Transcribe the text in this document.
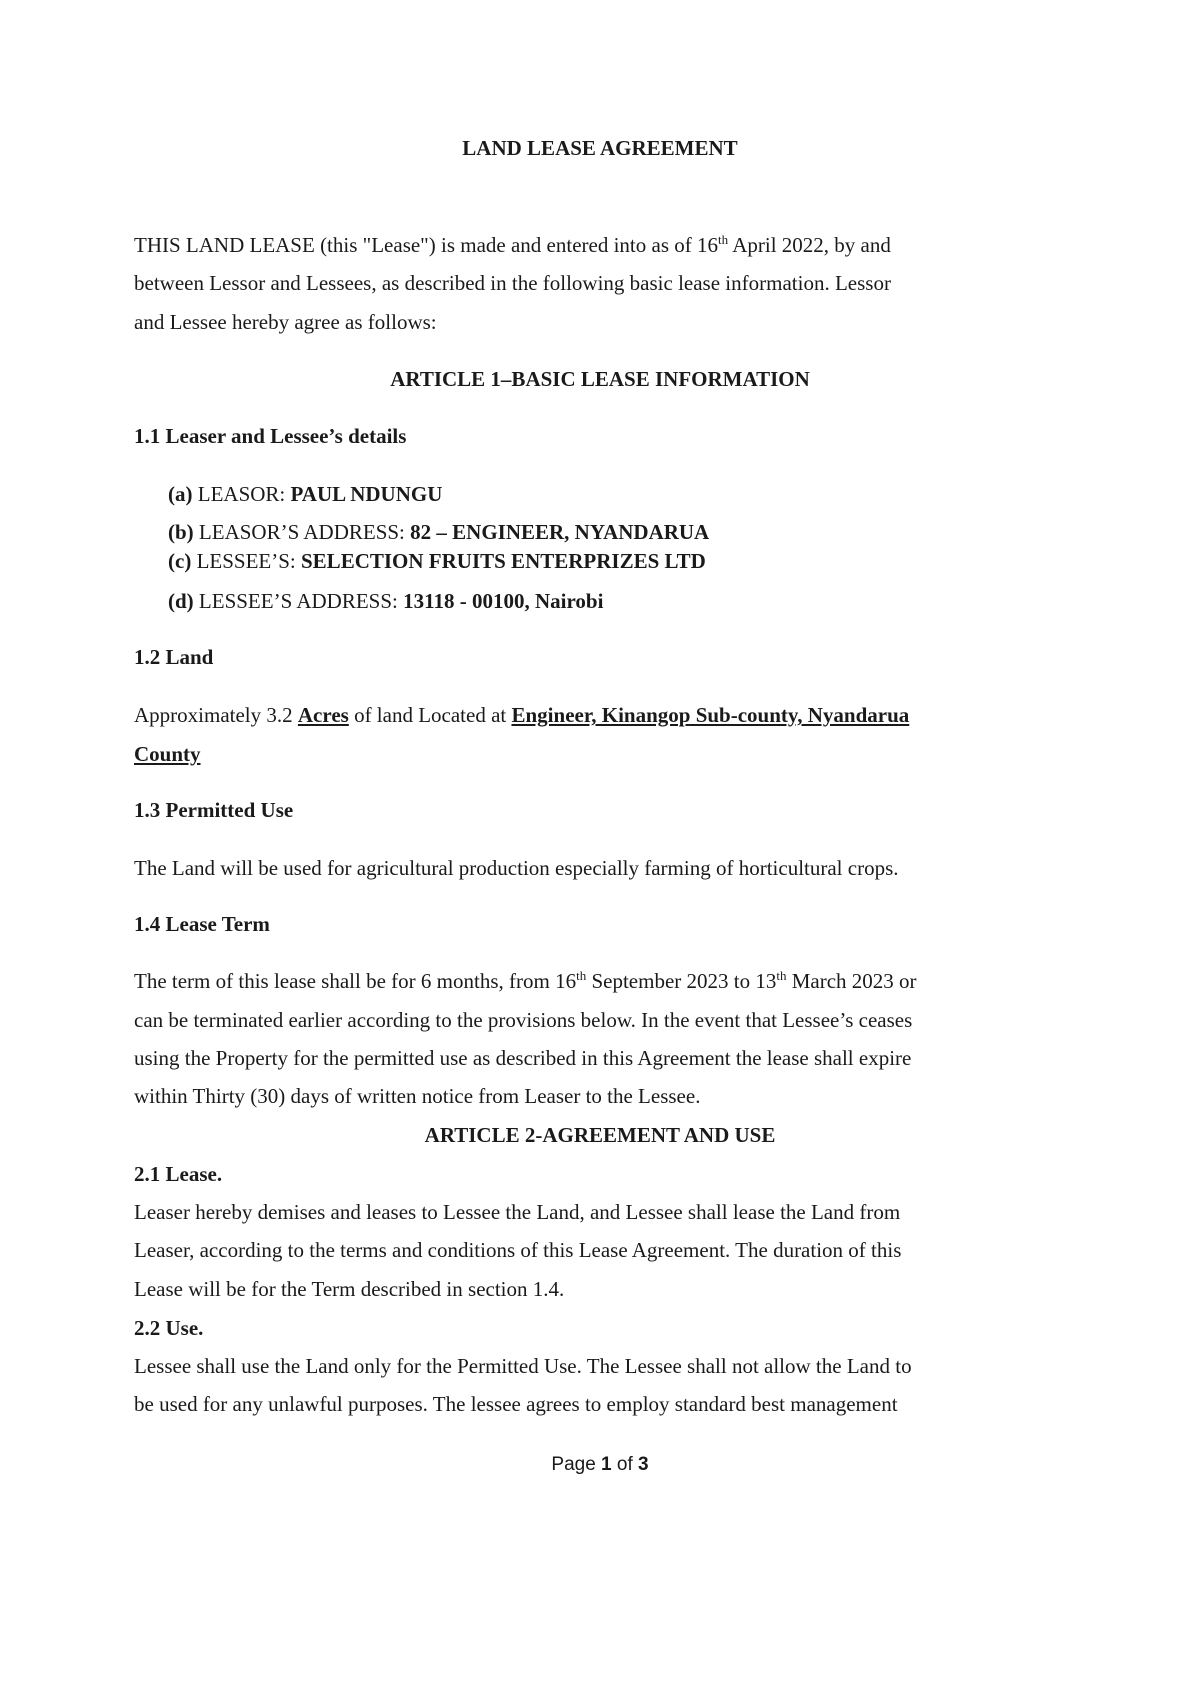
LAND LEASE AGREEMENT
THIS LAND LEASE (this "Lease") is made and entered into as of 16th April 2022, by and
between Lessor and Lessees, as described in the following basic lease information. Lessor
and Lessee hereby agree as follows:
ARTICLE 1–BASIC LEASE INFORMATION
1.1 Leaser and Lessee’s details
(a) LEASOR: PAUL NDUNGU
(b) LEASOR’S ADDRESS: 82 – ENGINEER, NYANDARUA
(c) LESSEE’S: SELECTION FRUITS ENTERPRIZES LTD
(d) LESSEE’S ADDRESS: 13118 - 00100, Nairobi
1.2 Land
Approximately 3.2 Acres of land Located at Engineer, Kinangop Sub-county, Nyandarua
County
1.3 Permitted Use
The Land will be used for agricultural production especially farming of horticultural crops.
1.4 Lease Term
The term of this lease shall be for 6 months, from 16th September 2023 to 13th March 2023 or
can be terminated earlier according to the provisions below. In the event that Lessee’s ceases
using the Property for the permitted use as described in this Agreement the lease shall expire
within Thirty (30) days of written notice from Leaser to the Lessee.
ARTICLE 2-AGREEMENT AND USE
2.1 Lease.
Leaser hereby demises and leases to Lessee the Land, and Lessee shall lease the Land from
Leaser, according to the terms and conditions of this Lease Agreement. The duration of this
Lease will be for the Term described in section 1.4.
2.2 Use.
Lessee shall use the Land only for the Permitted Use. The Lessee shall not allow the Land to
be used for any unlawful purposes. The lessee agrees to employ standard best management
Page 1 of 3
